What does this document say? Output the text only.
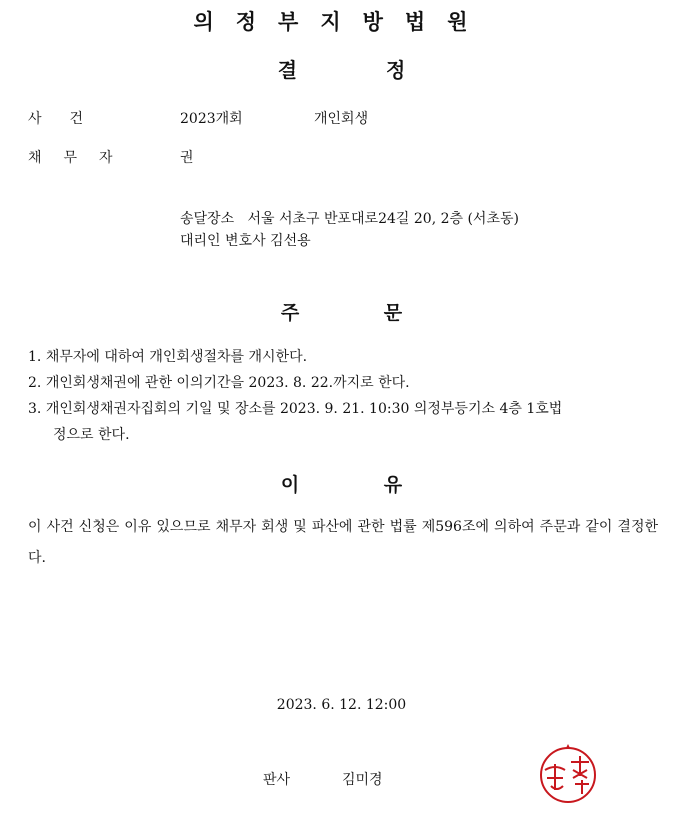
의정부지방법원
결 정
사건	2023개회	개인회생
채무자	권
송달장소 서울 서초구 반포대로24길 20, 2층 (서초동)
대리인 변호사 김선용
주 문
1. 채무자에 대하여 개인회생절차를 개시한다.
2. 개인회생채권에 관한 이의기간을 2023. 8. 22.까지로 한다.
3. 개인회생채권자집회의 기일 및 장소를 2023. 9. 21. 10:30 의정부등기소 4층 1호법
정으로 한다.
이 유
이 사건 신청은 이유 있으므로 채무자 회생 및 파산에 관한 법률 제596조에 의하여 주문과 같이 결정한다.
2023. 6. 12. 12:00
판사	김미경
